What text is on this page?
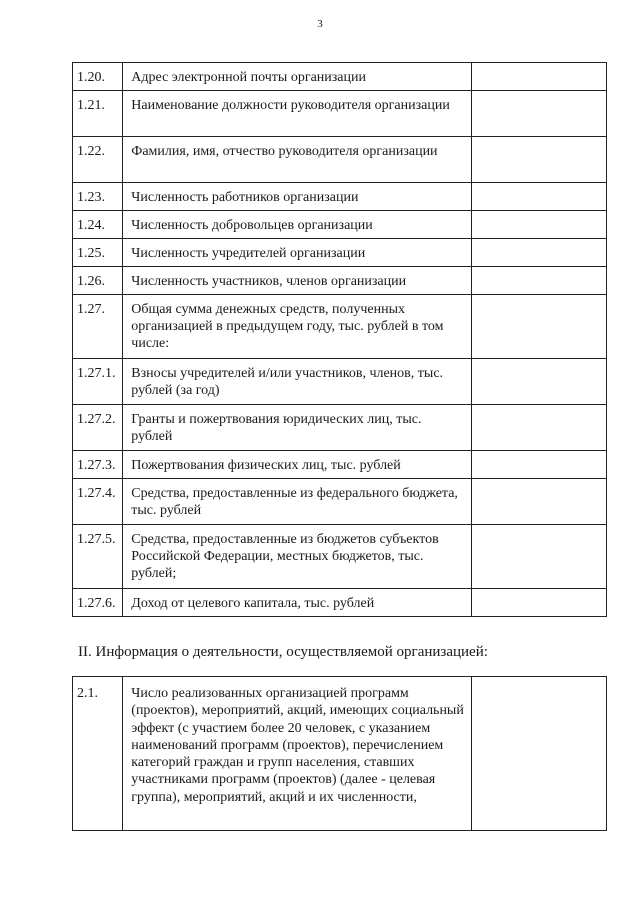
3
1.20.	Адрес электронной почты организации	
1.21.	Наименование должности руководителя организации	
1.22.	Фамилия, имя, отчество руководителя организации	
1.23.	Численность работников организации	
1.24.	Численность добровольцев организации	
1.25.	Численность учредителей организации	
1.26.	Численность участников, членов организации	
1.27.	Общая сумма денежных средств, полученных организацией в предыдущем году, тыс. рублей в том числе:	
1.27.1.	Взносы учредителей и/или участников, членов, тыс. рублей (за год)	
1.27.2.	Гранты и пожертвования юридических лиц, тыс. рублей	
1.27.3.	Пожертвования физических лиц, тыс. рублей	
1.27.4.	Средства, предоставленные из федерального бюджета, тыс. рублей	
1.27.5.	Средства, предоставленные из бюджетов субъектов Российской Федерации, местных бюджетов, тыс. рублей;	
1.27.6.	Доход от целевого капитала, тыс. рублей	
II. Информация о деятельности, осуществляемой организацией:
2.1.	Число реализованных организацией программ (проектов), мероприятий, акций, имеющих социальный эффект (с участием более 20 человек, с указанием наименований программ (проектов), перечислением категорий граждан и групп населения, ставших участниками программ (проектов) (далее - целевая группа), мероприятий, акций и их численности,	
